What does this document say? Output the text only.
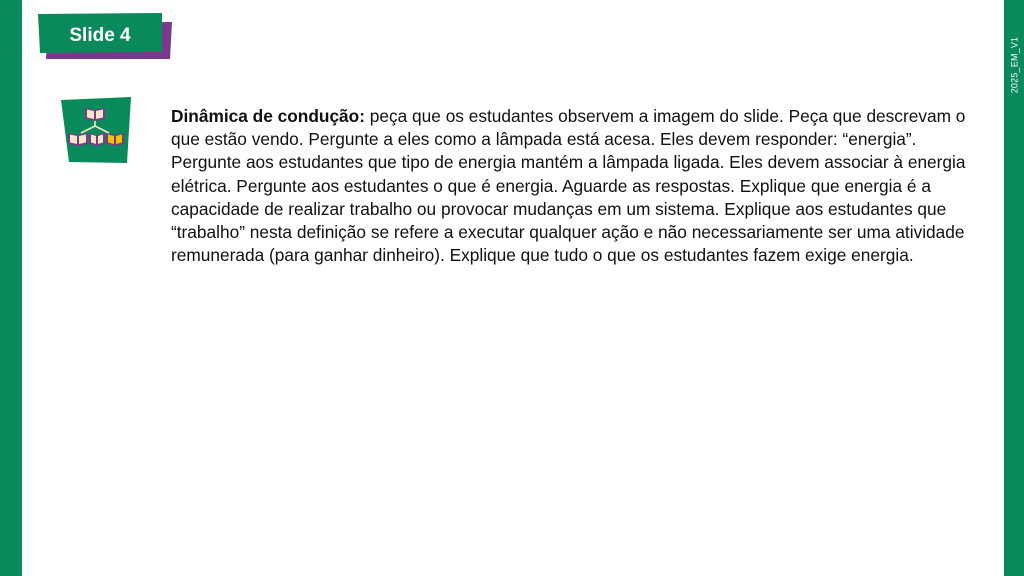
2025_EM_V1
Slide 4
Dinâmica de condução: peça que os estudantes observem a imagem do slide. Peça que descrevam o que estão vendo. Pergunte a eles como a lâmpada está acesa. Eles devem responder: “energia”. Pergunte aos estudantes que tipo de energia mantém a lâmpada ligada. Eles devem associar à energia elétrica. Pergunte aos estudantes o que é energia. Aguarde as respostas. Explique que energia é a capacidade de realizar trabalho ou provocar mudanças em um sistema. Explique aos estudantes que “trabalho” nesta definição se refere a executar qualquer ação e não necessariamente ser uma atividade remunerada (para ganhar dinheiro). Explique que tudo o que os estudantes fazem exige energia.
